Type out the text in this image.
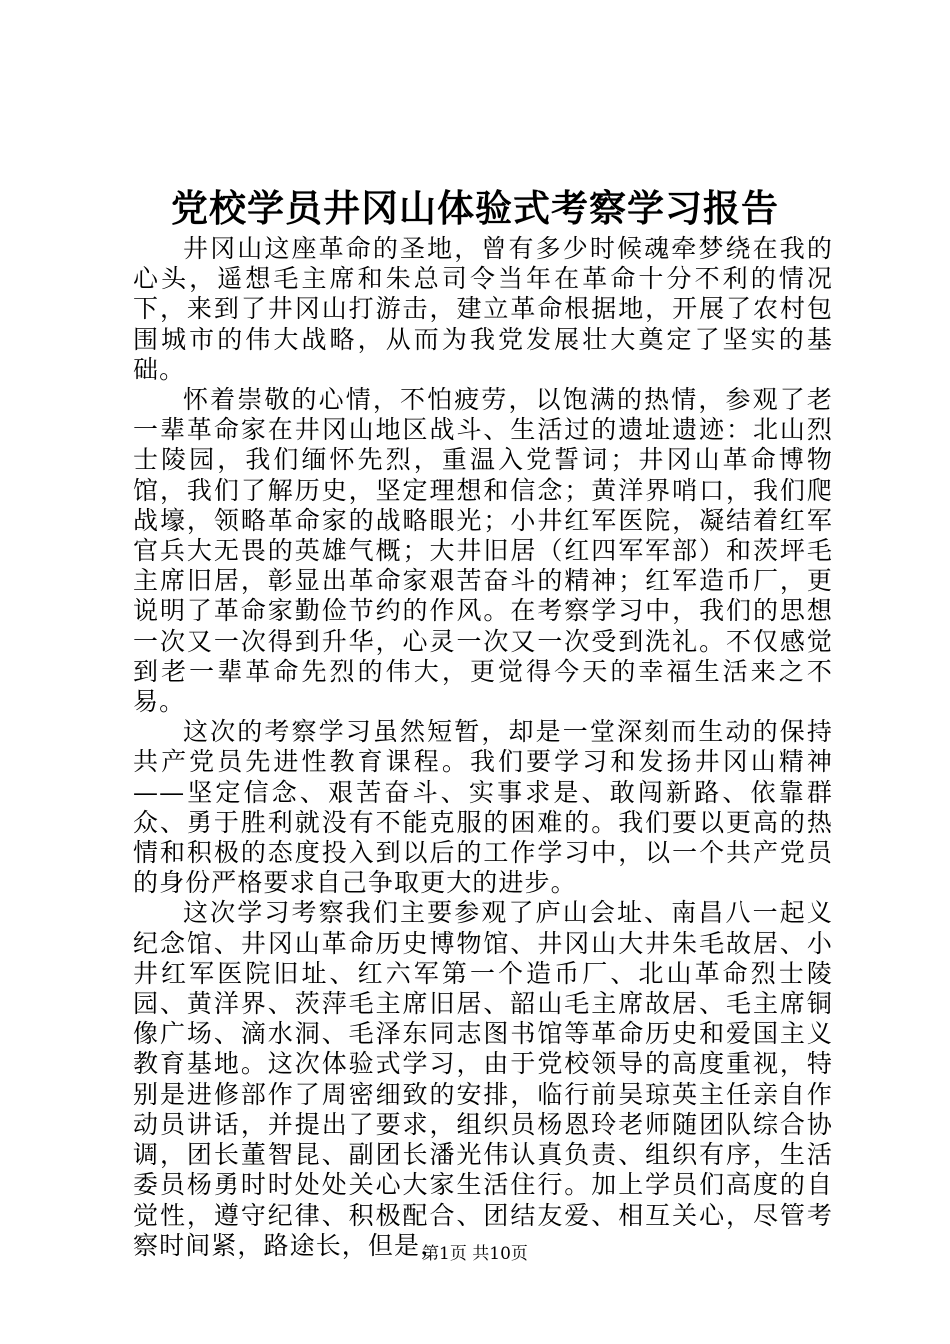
党校学员井冈山体验式考察学习报告

井冈山这座革命的圣地，曾有多少时候魂牵梦绕在我的心头，遥想毛主席和朱总司令当年在革命十分不利的情况下，来到了井冈山打游击，建立革命根据地，开展了农村包围城市的伟大战略，从而为我党发展壮大奠定了坚实的基础。

怀着崇敬的心情，不怕疲劳，以饱满的热情，参观了老一辈革命家在井冈山地区战斗、生活过的遗址遗迹：北山烈士陵园，我们缅怀先烈，重温入党誓词；井冈山革命博物馆，我们了解历史，坚定理想和信念；黄洋界哨口，我们爬战壕，领略革命家的战略眼光；小井红军医院，凝结着红军官兵大无畏的英雄气概；大井旧居（红四军军部）和茨坪毛主席旧居，彰显出革命家艰苦奋斗的精神；红军造币厂，更说明了革命家勤俭节约的作风。在考察学习中，我们的思想一次又一次得到升华，心灵一次又一次受到洗礼。不仅感觉到老一辈革命先烈的伟大，更觉得今天的幸福生活来之不易。

这次的考察学习虽然短暂，却是一堂深刻而生动的保持共产党员先进性教育课程。我们要学习和发扬井冈山精神——坚定信念、艰苦奋斗、实事求是、敢闯新路、依靠群众、勇于胜利就没有不能克服的困难的。我们要以更高的热情和积极的态度投入到以后的工作学习中，以一个共产党员的身份严格要求自己争取更大的进步。

这次学习考察我们主要参观了庐山会址、南昌八一起义纪念馆、井冈山革命历史博物馆、井冈山大井朱毛故居、小井红军医院旧址、红六军第一个造币厂、北山革命烈士陵园、黄洋界、茨萍毛主席旧居、韶山毛主席故居、毛主席铜像广场、滴水洞、毛泽东同志图书馆等革命历史和爱国主义教育基地。这次体验式学习，由于党校领导的高度重视，特别是进修部作了周密细致的安排，临行前吴琼英主任亲自作动员讲话，并提出了要求，组织员杨恩玲老师随团队综合协调，团长董智昆、副团长潘光伟认真负责、组织有序，生活委员杨勇时时处处关心大家生活住行。加上学员们高度的自觉性，遵守纪律、积极配合、团结友爱、相互关心，尽管考察时间紧，路途长，但是，

第1页 共10页
